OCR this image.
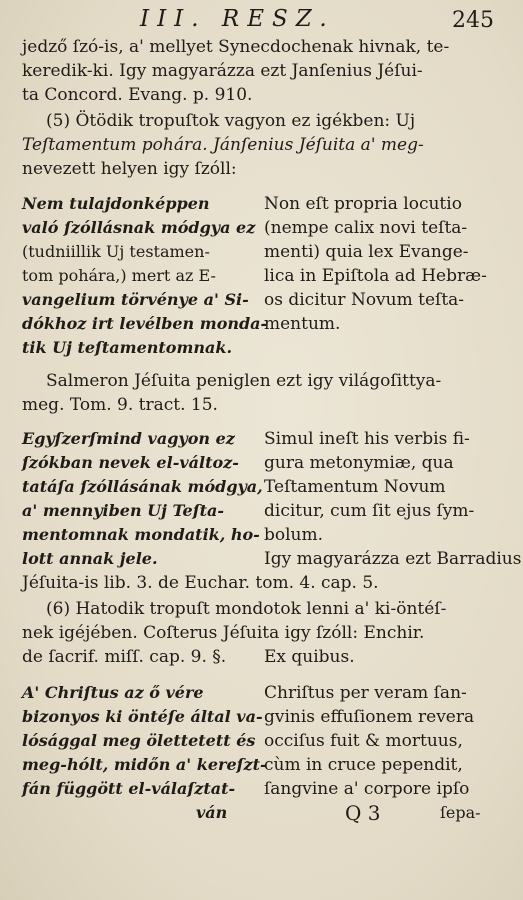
III. RESZ.	245
jedző ſzó-is, a' mellyet Synecdochenak hivnak, te-
keredik-ki. Igy magyarázza ezt Janſenius Jéſui-
ta Concord. Evang. p. 910.
(5) Ötödik tropuſtok vagyon ez igékben: Uj
Teſtamentum pohára. Jánſenius Jéſuita a' meg-
nevezett helyen igy ſzóll:
Nem tulajdonképpen
való ſzóllásnak módgya ez
(tudniillik Uj testamen-
tom pohára,) mert az E-
vangelium törvénye a' Si-
dókhoz irt levélben monda-
tik Uj teſtamentomnak.
Non eſt propria locutio
(nempe calix novi teſta-
menti) quia lex Evange-
lica in Epiſtola ad Hebræ-
os dicitur Novum teſta-
mentum.
Salmeron Jéſuita peniglen ezt igy világoſittya-
meg. Tom. 9. tract. 15.
Egyſzerſmind vagyon ez
ſzókban nevek el-változ-
tatáſa ſzóllásának módgya,
a' mennyiben Uj Teſta-
mentomnak mondatik, ho-
lott annak jele.
Simul ineſt his verbis fi-
gura metonymiæ, qua
Teſtamentum Novum
dicitur, cum ſit ejus ſym-
bolum.
Igy magyarázza ezt Barradius
Jéſuita-is lib. 3. de Euchar. tom. 4. cap. 5.
(6) Hatodik tropuſt mondotok lenni a' ki-öntéſ-
nek igéjében. Coſterus Jéſuita igy ſzóll: Enchir.
de ſacrif. miſſ. cap. 9. §. Ex quibus.
A' Chriſtus az ő vére
bizonyos ki öntéſe által va-
lósággal meg ölettetett és
meg-hólt, midőn a' kereſzt-
fán függött el-válaſztat-
ván
Chriſtus per veram ſan-
gvinis effuſionem revera
occiſus fuit & mortuus,
cùm in cruce pependit,
ſangvine a' corpore ipſo
Q 3	ſepa-
